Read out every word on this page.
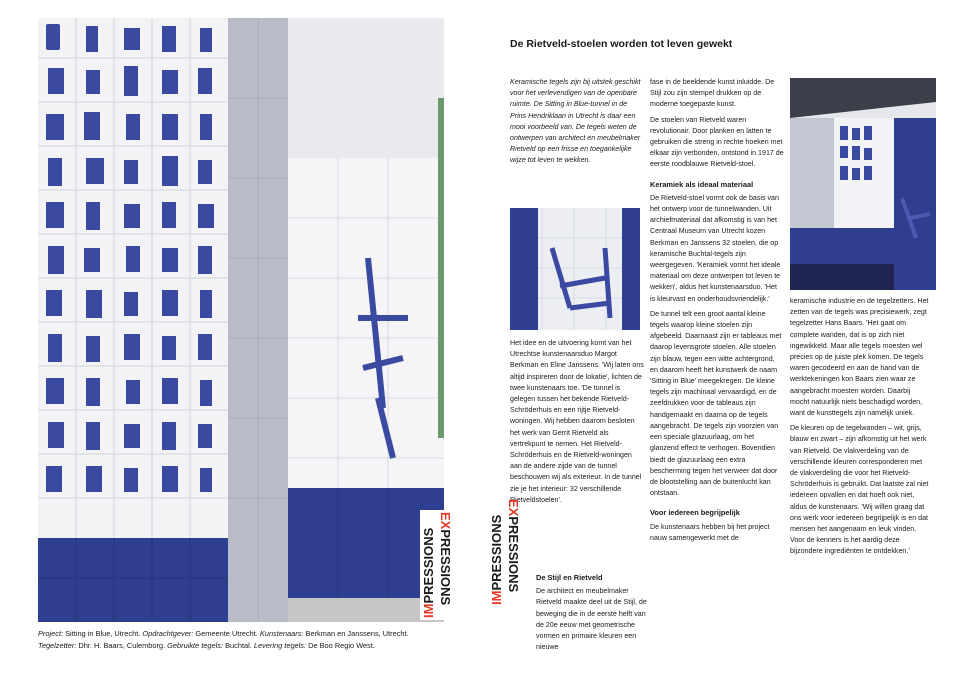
IMPRESSIONS
EXPRESSIONS
Project: Sitting in Blue, Utrecht. Opdrachtgever: Gemeente Utrecht. Kunstenaars: Berkman en Janssens, Utrecht.
Tegelzetter: Dhr. H. Baars, Culemborg. Gebruikte tegels: Buchtal. Levering tegels: De Boo Regio West.
De Rietveld-stoelen worden tot leven gewekt

Keramische tegels zijn bij uitstek geschikt voor het verlevendigen van de openbare ruimte. De Sitting in Blue-tunnel in de Prins Hendriklaan in Utrecht is daar een mooi voorbeeld van. De tegels weten de ontwerpen van architect en meubelmaker Rietveld op een frisse en toegankelijke wijze tot leven te wekken.

Het idee en de uitvoering komt van het Utrechtse kunstenaarsduo Margot Berkman en Eline Janssens. 'Wij laten ons altijd inspireren door de lokatie', lichten de twee kunstenaars toe. 'De tunnel is gelegen tussen het bekende Rietveld-Schröderhuis en een rijtje Rietveld-woningen. Wij hebben daarom besloten het werk van Gerrit Rietveld als vertrekpunt te nemen. Het Rietveld-Schröderhuis en de Rietveld-woningen aan de andere zijde van de tunnel beschouwen wij als exterieur. In de tunnel zie je het interieur: 32 verschillende Rietveldstoelen'.

IMPRESSIONS
EXPRESSIONS De Stijl en Rietveld

De architect en meubelmaker Rietveld maakte deel uit de Stijl, de beweging die in de eerste helft van de 20e eeuw met geometrische vormen en primaire kleuren een nieuwe

fase in de beeldende kunst inluidde. De Stijl zou zijn stempel drukken op de moderne toegepaste kunst.

De stoelen van Rietveld waren revolutionair. Door planken en latten te gebruiken die streng in rechte hoeken met elkaar zijn verbonden, ontstond in 1917 de eerste roodblauwe Rietveld-stoel.

Keramiek als ideaal materiaal

De Rietveld-stoel vormt ook de basis van het ontwerp voor de tunnelwanden. Uit archiefmateriaal dat afkomstig is van het Centraal Museum van Utrecht kozen Berkman en Janssens 32 stoelen, die op keramische Buchtal-tegels zijn weergegeven. 'Keramiek vormt het ideale materiaal om deze ontwerpen tot leven te wekken', aldus het kunstenaarsduo. 'Het is kleurvast en onderhoudsvriendelijk.'

De tunnel telt een groot aantal kleine tegels waarop kleine stoelen zijn afgebeeld. Daarnaast zijn er tableaus met daarop levensgrote stoelen. Alle stoelen zijn blauw, tegen een witte achtergrond, en daarom heeft het kunstwerk de naam 'Sitting in Blue' meegekregen. De kleine tegels zijn machinaal vervaardigd, en de zeefdrukken voor de tableaus zijn handgemaakt en daarna op de tegels aangebracht. De tegels zijn voorzien van een speciale glazuurlaag, om het glanzend effect te verhogen. Bovendien biedt de glazuurlaag een extra bescherming tegen het verweer dat door de blootstelling aan de buitenlucht kan ontstaan.

Voor iedereen begrijpelijk

De kunstenaars hebben bij het project nauw samengewerkt met de

keramische industrie en de tegelzetters. Het zetten van de tegels was precisiewerk, zegt tegelzetter Hans Baars. 'Het gaat om complete wanden, dat is op zich niet ingewikkeld. Maar alle tegels moesten wel precies op de juiste plek komen. De tegels waren gecodeerd en aan de hand van de werktekeningen kon Baars zien waar ze aangebracht moesten worden. Daarbij mocht natuurlijk niets beschadigd worden, want de kunsttegels zijn namelijk uniek.

De kleuren op de tegelwanden – wit, grijs, blauw en zwart – zijn afkomstig uit het werk van Rietveld. De vlakverdeling van de verschillende kleuren corresponderen met de vlakverdeling die voor het Rietveld-Schröderhuis is gebruikt. Dat laatste zal niet iedereen opvallen en dat hoeft ook niet, aldus de kunstenaars. 'Wij willen graag dat ons werk voor iedereen begrijpelijk is en dat mensen het aangenaam en leuk vinden. Voor de kenners is het aardig deze bijzondere ingrediënten te ontdekken.'
